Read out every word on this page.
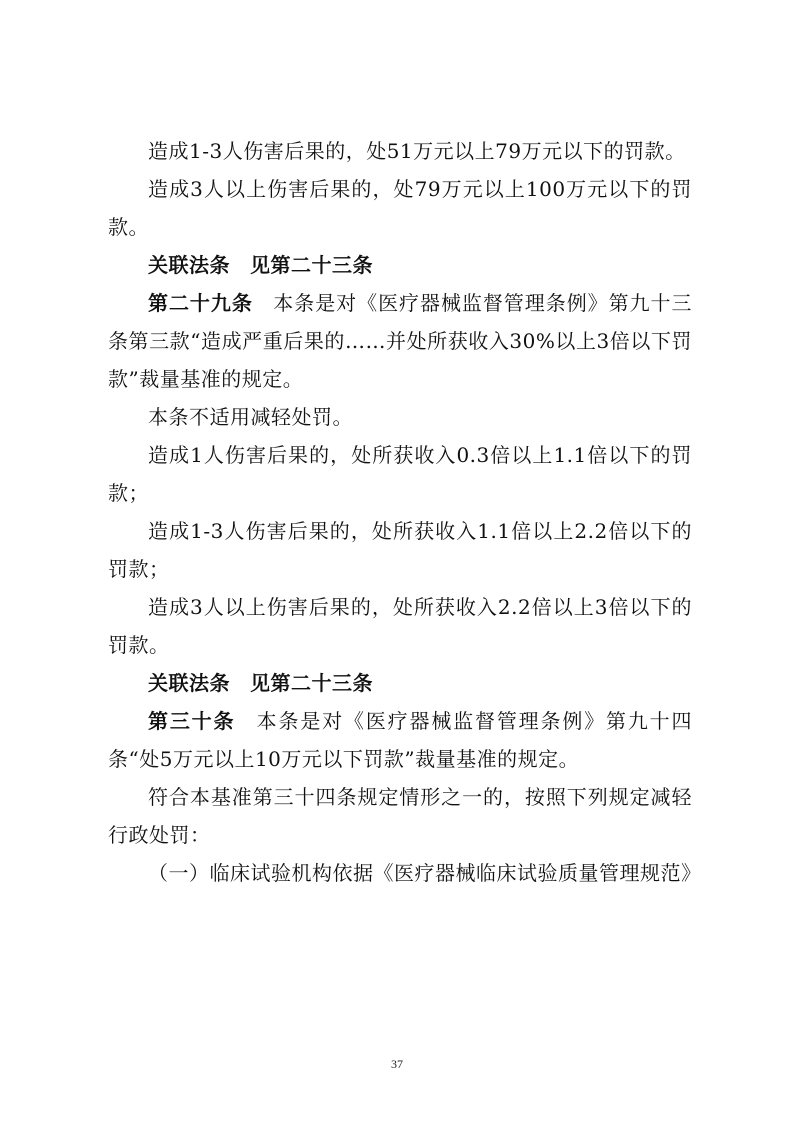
造成1-3人伤害后果的，处51万元以上79万元以下的罚款。

造成3人以上伤害后果的，处79万元以上100万元以下的罚款。

关联法条 见第二十三条

第二十九条 本条是对《医疗器械监督管理条例》第九十三条第三款“造成严重后果的……并处所获收入30%以上3倍以下罚款”裁量基准的规定。

本条不适用减轻处罚。

造成1人伤害后果的，处所获收入0.3倍以上1.1倍以下的罚款；

造成1-3人伤害后果的，处所获收入1.1倍以上2.2倍以下的罚款；

造成3人以上伤害后果的，处所获收入2.2倍以上3倍以下的罚款。

关联法条 见第二十三条

第三十条 本条是对《医疗器械监督管理条例》第九十四条“处5万元以上10万元以下罚款”裁量基准的规定。

符合本基准第三十四条规定情形之一的，按照下列规定减轻行政处罚：

（一）临床试验机构依据《医疗器械临床试验质量管理规范》

37
